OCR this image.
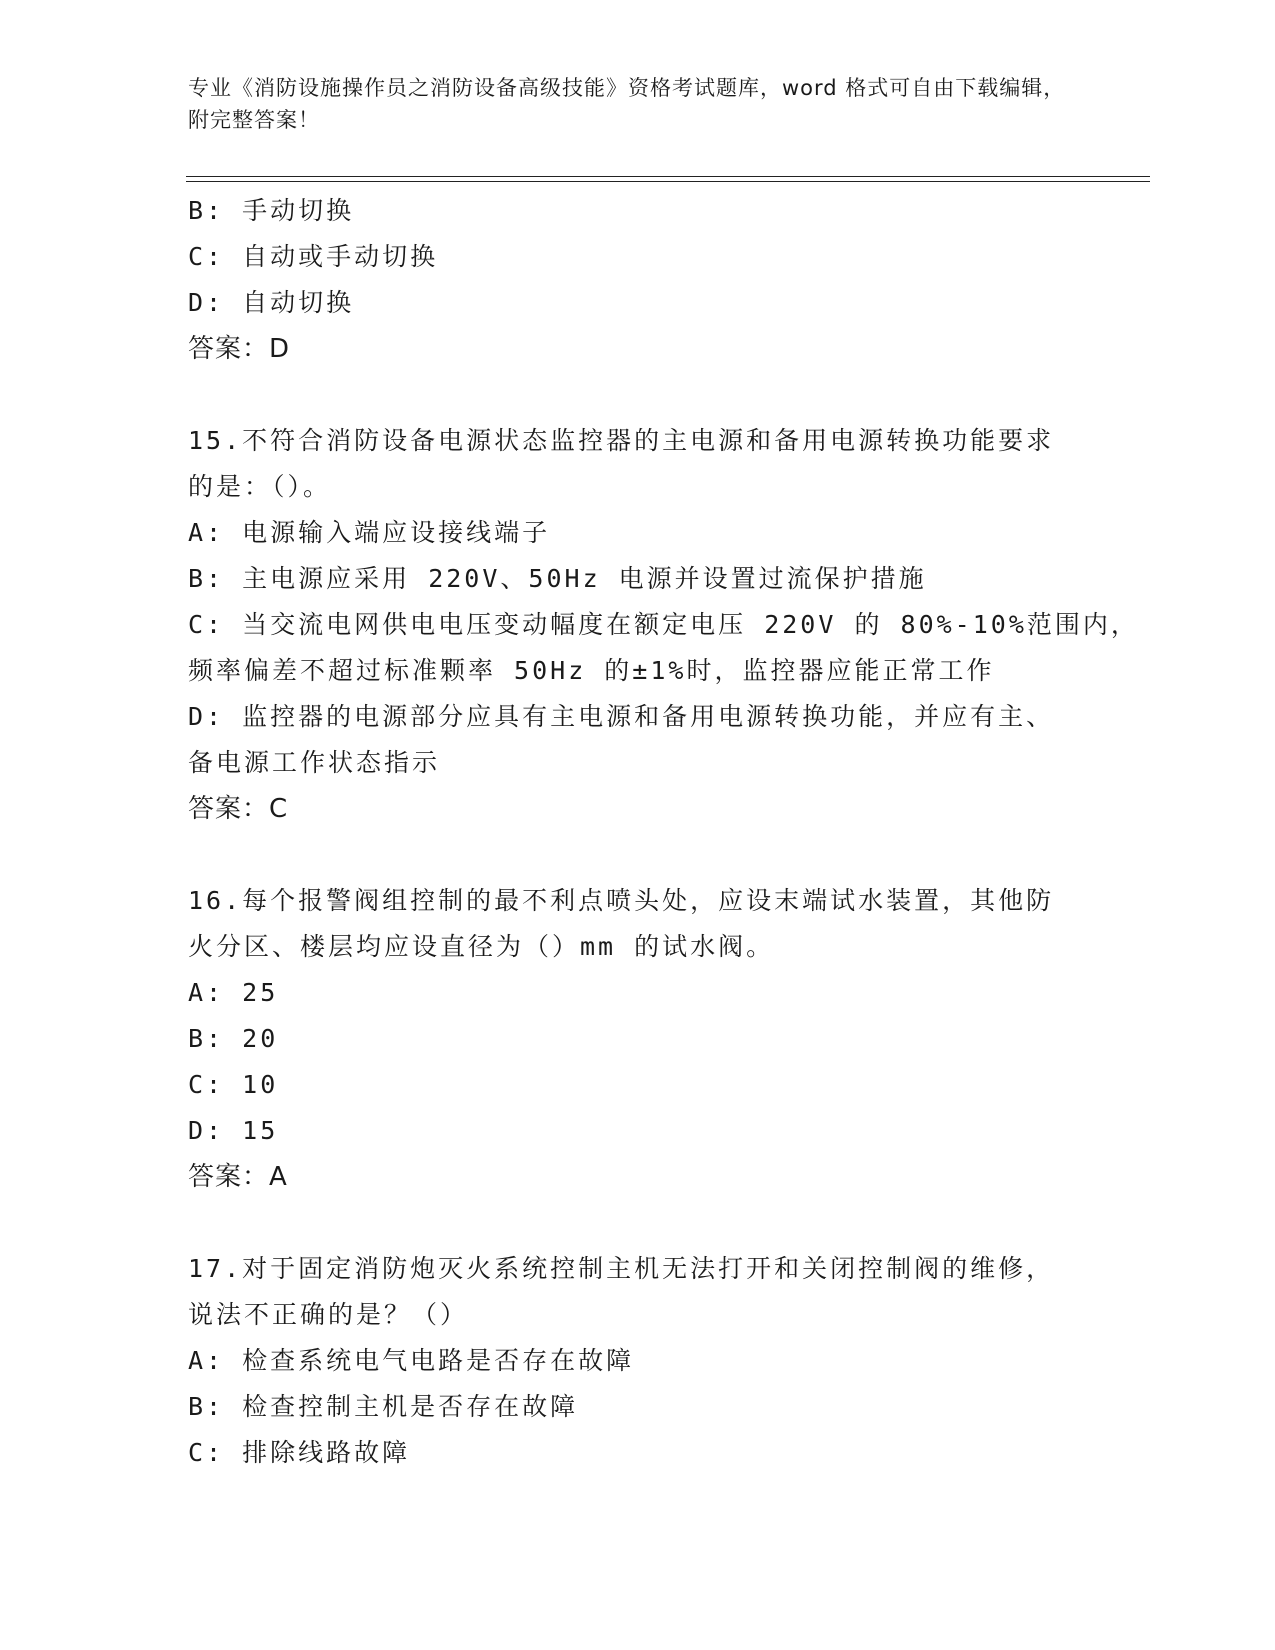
专业《消防设施操作员之消防设备高级技能》资格考试题库，word 格式可自由下载编辑，附完整答案！
B: 手动切换
C: 自动或手动切换
D: 自动切换
答案：D
15.不符合消防设备电源状态监控器的主电源和备用电源转换功能要求
的是：（）。
A: 电源输入端应设接线端子
B: 主电源应采用 220V、50Hz 电源并设置过流保护措施
C: 当交流电网供电电压变动幅度在额定电压 220V 的 80%-10%范围内，
频率偏差不超过标准颗率 50Hz 的±1%时，监控器应能正常工作
D: 监控器的电源部分应具有主电源和备用电源转换功能，并应有主、
备电源工作状态指示
答案：C
16.每个报警阀组控制的最不利点喷头处，应设末端试水装置，其他防
火分区、楼层均应设直径为（）mm 的试水阀。
A: 25
B: 20
C: 10
D: 15
答案：A
17.对于固定消防炮灭火系统控制主机无法打开和关闭控制阀的维修，
说法不正确的是？（）
A: 检查系统电气电路是否存在故障
B: 检查控制主机是否存在故障
C: 排除线路故障
